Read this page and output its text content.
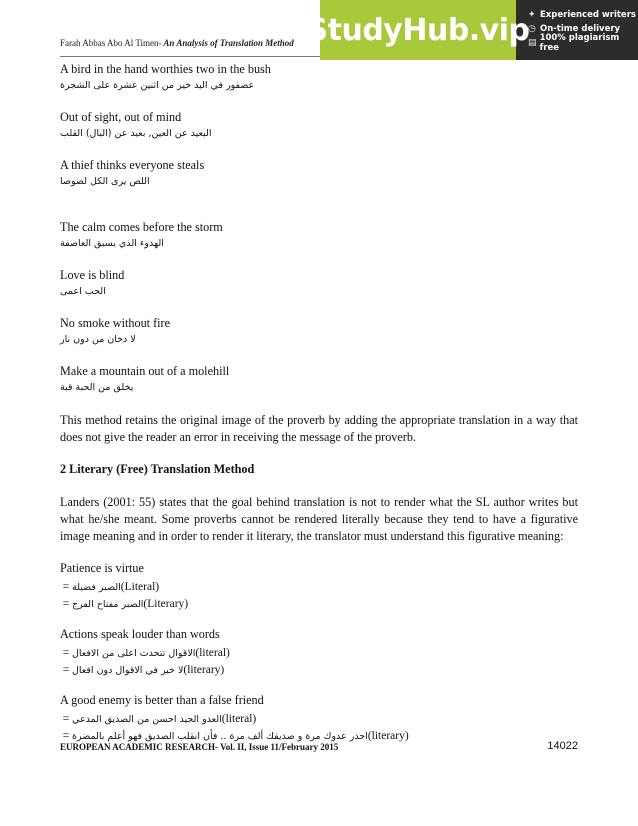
Farah Abbas Abo Al Timen- An Analysis of Translation Method StudyHub.vip
✦ Experienced writers
◷ On-time delivery
▤ 100% plagiarism free

A bird in the hand worthies two in the bush

عصفور في اليد خير من اثنين عشرة على الشجرة

Out of sight, out of mind

البعيد عن العين, بعيد عن (البال) القلب

A thief thinks everyone steals

اللص يرى الكل لصوصا

The calm comes before the storm

الهدوء الذي يسبق العاصفة

Love is blind

الحب اعمى

No smoke without fire

لا دخان من دون نار

Make a mountain out of a molehill

يخلق من الحبة قبة

This method retains the original image of the proverb by adding the appropriate translation in a way that does not give the reader an error in receiving the message of the proverb.

2 Literary (Free) Translation Method

Landers (2001: 55) states that the goal behind translation is not to render what the SL author writes but what he/she meant. Some proverbs cannot be rendered literally because they tend to have a figurative image meaning and in order to render it literary, the translator must understand this figurative meaning:

Patience is virtue

= الصبر فضيلة(Literal)

= الصبر مفتاح الفرج(Literary)

Actions speak louder than words

= الاقوال تتحدث اعلى من الافعال(literal)

= لا خير في الاقوال دون افعال(literary)

A good enemy is better than a false friend

= العدو الجيد احسن من الصديق المدعي(literal)

= احذر عدوك مرة و صديقك ألف مرة .. فأن انقلب الصديق فهو أعلم بالمضرة(literary)

EUROPEAN ACADEMIC RESEARCH- Vol. II, Issue 11/February 2015	14022
